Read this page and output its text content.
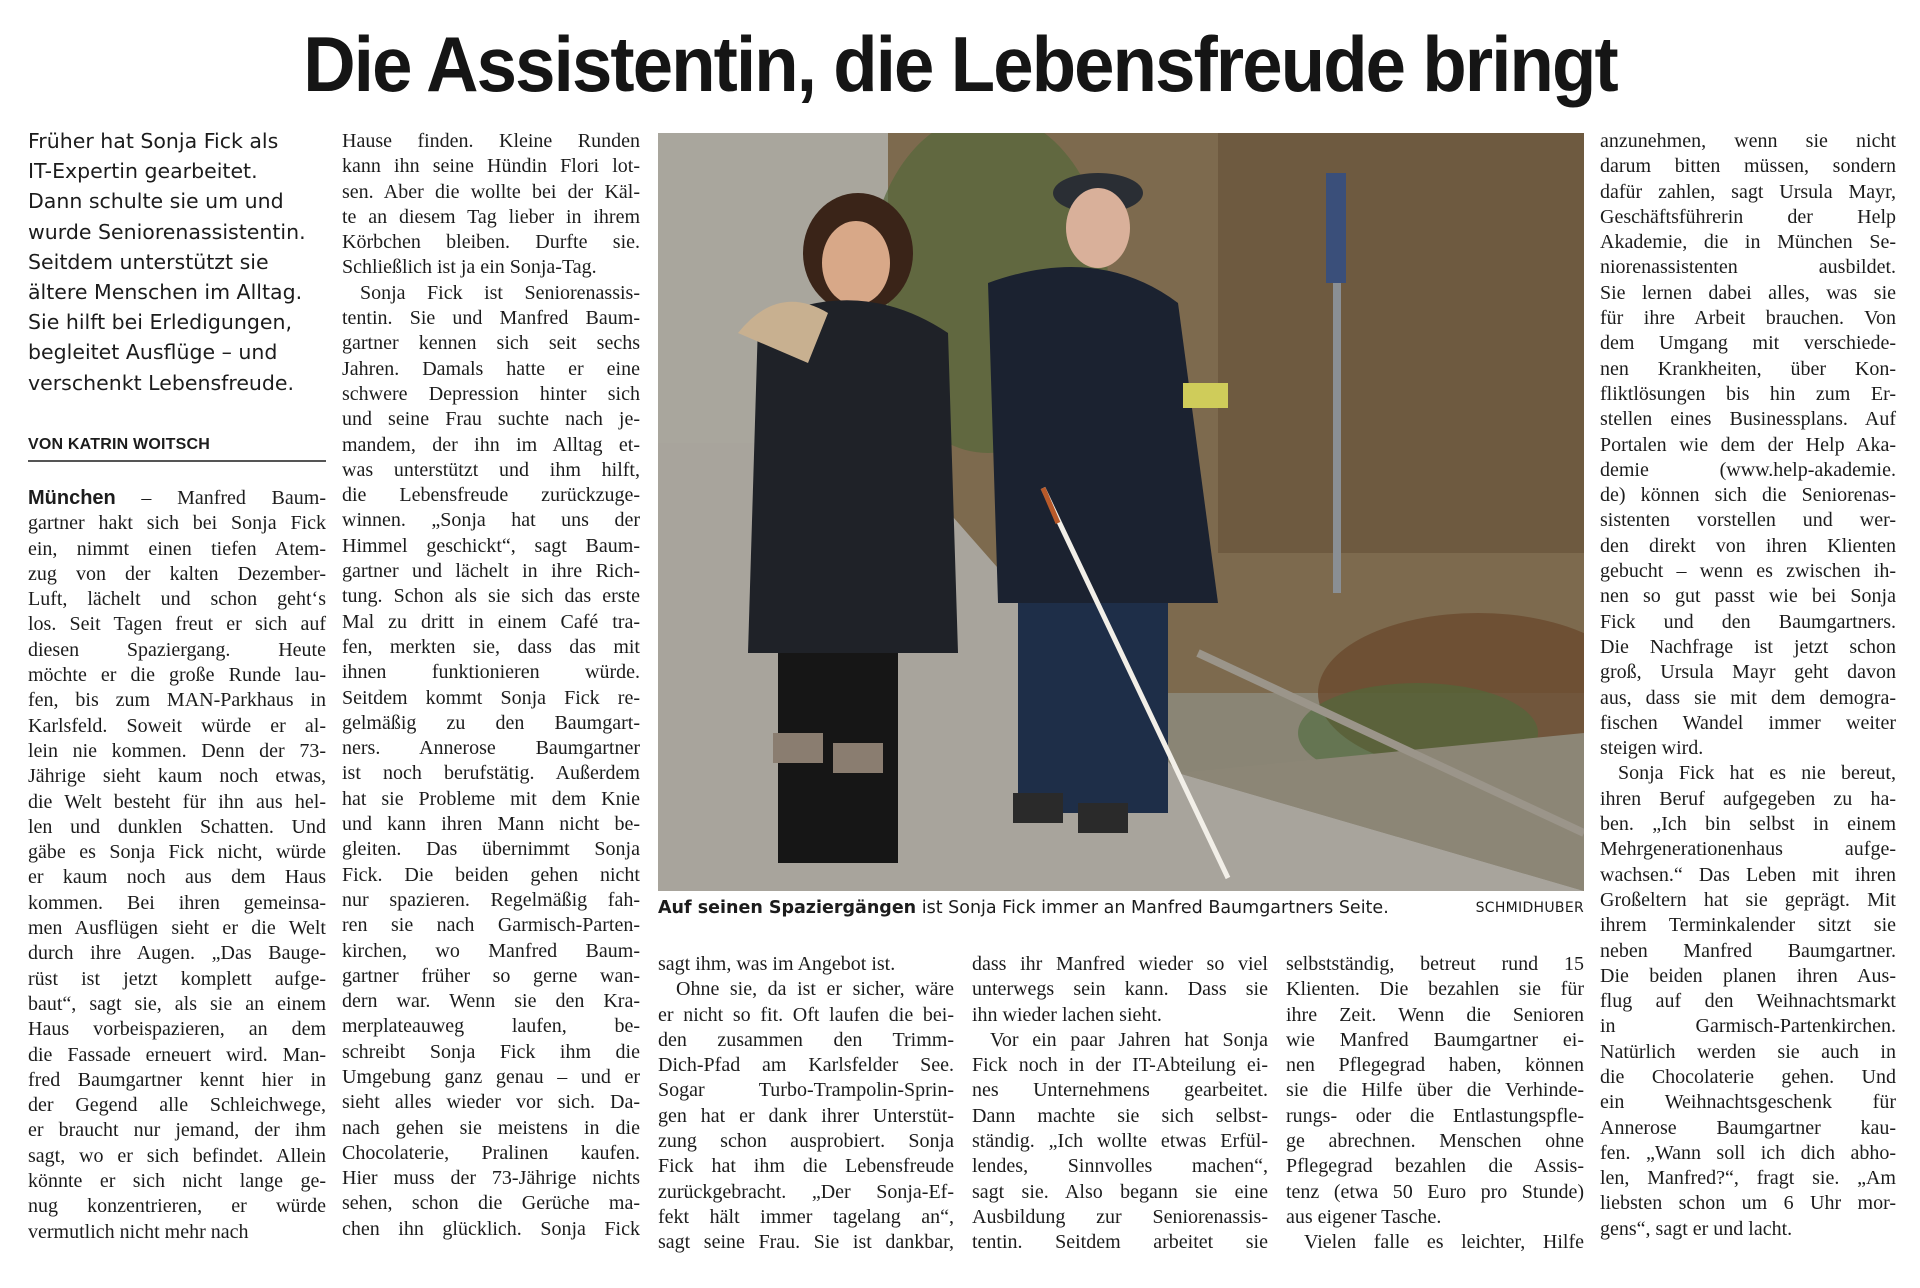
Die Assistentin, die Lebensfreude bringt
Früher hat Sonja Fick als
IT-Expertin gearbeitet.
Dann schulte sie um und
wurde Seniorenassistentin.
Seitdem unterstützt sie
ältere Menschen im Alltag.
Sie hilft bei Erledigungen,
begleitet Ausflüge – und
verschenkt Lebensfreude.
VON KATRIN WOITSCH
München – Manfred Baum-
gartner hakt sich bei Sonja Fick
ein, nimmt einen tiefen Atem-
zug von der kalten Dezember-
Luft, lächelt und schon geht‘s
los. Seit Tagen freut er sich auf
diesen Spaziergang. Heute
möchte er die große Runde lau-
fen, bis zum MAN-Parkhaus in
Karlsfeld. Soweit würde er al-
lein nie kommen. Denn der 73-
Jährige sieht kaum noch etwas,
die Welt besteht für ihn aus hel-
len und dunklen Schatten. Und
gäbe es Sonja Fick nicht, würde
er kaum noch aus dem Haus
kommen. Bei ihren gemeinsa-
men Ausflügen sieht er die Welt
durch ihre Augen. „Das Bauge-
rüst ist jetzt komplett aufge-
baut“, sagt sie, als sie an einem
Haus vorbeispazieren, an dem
die Fassade erneuert wird. Man-
fred Baumgartner kennt hier in
der Gegend alle Schleichwege,
er braucht nur jemand, der ihm
sagt, wo er sich befindet. Allein
könnte er sich nicht lange ge-
nug konzentrieren, er würde
vermutlich nicht mehr nach
Hause finden. Kleine Runden
kann ihn seine Hündin Flori lot-
sen. Aber die wollte bei der Käl-
te an diesem Tag lieber in ihrem
Körbchen bleiben. Durfte sie.
Schließlich ist ja ein Sonja-Tag.
Sonja Fick ist Seniorenassis-
tentin. Sie und Manfred Baum-
gartner kennen sich seit sechs
Jahren. Damals hatte er eine
schwere Depression hinter sich
und seine Frau suchte nach je-
mandem, der ihn im Alltag et-
was unterstützt und ihm hilft,
die Lebensfreude zurückzuge-
winnen. „Sonja hat uns der
Himmel geschickt“, sagt Baum-
gartner und lächelt in ihre Rich-
tung. Schon als sie sich das erste
Mal zu dritt in einem Café tra-
fen, merkten sie, dass das mit
ihnen funktionieren würde.
Seitdem kommt Sonja Fick re-
gelmäßig zu den Baumgart-
ners. Annerose Baumgartner
ist noch berufstätig. Außerdem
hat sie Probleme mit dem Knie
und kann ihren Mann nicht be-
gleiten. Das übernimmt Sonja
Fick. Die beiden gehen nicht
nur spazieren. Regelmäßig fah-
ren sie nach Garmisch-Parten-
kirchen, wo Manfred Baum-
gartner früher so gerne wan-
dern war. Wenn sie den Kra-
merplateauweg laufen, be-
schreibt Sonja Fick ihm die
Umgebung ganz genau – und er
sieht alles wieder vor sich. Da-
nach gehen sie meistens in die
Chocolaterie, Pralinen kaufen.
Hier muss der 73-Jährige nichts
sehen, schon die Gerüche ma-
chen ihn glücklich. Sonja Fick
sagt ihm, was im Angebot ist.
Ohne sie, da ist er sicher, wäre
er nicht so fit. Oft laufen die bei-
den zusammen den Trimm-
Dich-Pfad am Karlsfelder See.
Sogar Turbo-Trampolin-Sprin-
gen hat er dank ihrer Unterstüt-
zung schon ausprobiert. Sonja
Fick hat ihm die Lebensfreude
zurückgebracht. „Der Sonja-Ef-
fekt hält immer tagelang an“,
sagt seine Frau. Sie ist dankbar,
dass ihr Manfred wieder so viel
unterwegs sein kann. Dass sie
ihn wieder lachen sieht.
Vor ein paar Jahren hat Sonja
Fick noch in der IT-Abteilung ei-
nes Unternehmens gearbeitet.
Dann machte sie sich selbst-
ständig. „Ich wollte etwas Erfül-
lendes, Sinnvolles machen“,
sagt sie. Also begann sie eine
Ausbildung zur Seniorenassis-
tentin. Seitdem arbeitet sie
selbstständig, betreut rund 15
Klienten. Die bezahlen sie für
ihre Zeit. Wenn die Senioren
wie Manfred Baumgartner ei-
nen Pflegegrad haben, können
sie die Hilfe über die Verhinde-
rungs- oder die Entlastungspfle-
ge abrechnen. Menschen ohne
Pflegegrad bezahlen die Assis-
tenz (etwa 50 Euro pro Stunde)
aus eigener Tasche.
Vielen falle es leichter, Hilfe
anzunehmen, wenn sie nicht
darum bitten müssen, sondern
dafür zahlen, sagt Ursula Mayr,
Geschäftsführerin der Help
Akademie, die in München Se-
niorenassistenten ausbildet.
Sie lernen dabei alles, was sie
für ihre Arbeit brauchen. Von
dem Umgang mit verschiede-
nen Krankheiten, über Kon-
fliktlösungen bis hin zum Er-
stellen eines Businessplans. Auf
Portalen wie dem der Help Aka-
demie (www.help-akademie.
de) können sich die Seniorenas-
sistenten vorstellen und wer-
den direkt von ihren Klienten
gebucht – wenn es zwischen ih-
nen so gut passt wie bei Sonja
Fick und den Baumgartners.
Die Nachfrage ist jetzt schon
groß, Ursula Mayr geht davon
aus, dass sie mit dem demogra-
fischen Wandel immer weiter
steigen wird.
Sonja Fick hat es nie bereut,
ihren Beruf aufgegeben zu ha-
ben. „Ich bin selbst in einem
Mehrgenerationenhaus aufge-
wachsen.“ Das Leben mit ihren
Großeltern hat sie geprägt. Mit
ihrem Terminkalender sitzt sie
neben Manfred Baumgartner.
Die beiden planen ihren Aus-
flug auf den Weihnachtsmarkt
in Garmisch-Partenkirchen.
Natürlich werden sie auch in
die Chocolaterie gehen. Und
ein Weihnachtsgeschenk für
Annerose Baumgartner kau-
fen. „Wann soll ich dich abho-
len, Manfred?“, fragt sie. „Am
liebsten schon um 6 Uhr mor-
gens“, sagt er und lacht.
Auf seinen Spaziergängen ist Sonja Fick immer an Manfred Baumgartners Seite.	SCHMIDHUBER
